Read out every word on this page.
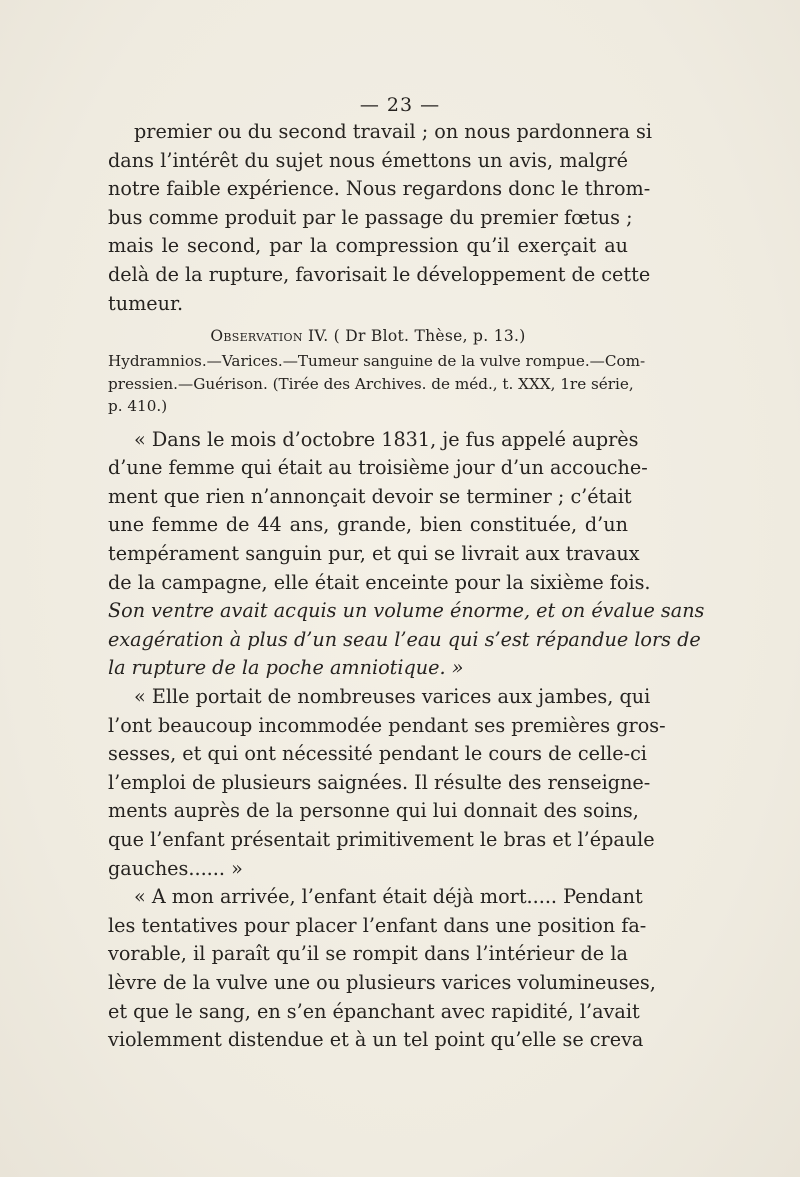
— 23 —
premier ou du second travail ; on nous pardonnera si
dans l’intérêt du sujet nous émettons un avis, malgré
notre faible expérience. Nous regardons donc le throm-
bus comme produit par le passage du premier fœtus ;
mais le second, par la compression qu’il exerçait au
delà de la rupture, favorisait le développement de cette
tumeur.
Observation IV. ( Dr Blot. Thèse, p. 13.)
Hydramnios.—Varices.—Tumeur sanguine de la vulve rompue.—Com-
pressien.—Guérison. (Tirée des Archives. de méd., t. XXX, 1re série,
p. 410.)
« Dans le mois d’octobre 1831, je fus appelé auprès
d’une femme qui était au troisième jour d’un accouche-
ment que rien n’annonçait devoir se terminer ; c’était
une femme de 44 ans, grande, bien constituée, d’un
tempérament sanguin pur, et qui se livrait aux travaux
de la campagne, elle était enceinte pour la sixième fois.
Son ventre avait acquis un volume énorme, et on évalue sans
exagération à plus d’un seau l’eau qui s’est répandue lors de
la rupture de la poche amniotique. »
« Elle portait de nombreuses varices aux jambes, qui
l’ont beaucoup incommodée pendant ses premières gros-
sesses, et qui ont nécessité pendant le cours de celle-ci
l’emploi de plusieurs saignées. Il résulte des renseigne-
ments auprès de la personne qui lui donnait des soins,
que l’enfant présentait primitivement le bras et l’épaule
gauches...... »
« A mon arrivée, l’enfant était déjà mort..... Pendant
les tentatives pour placer l’enfant dans une position fa-
vorable, il paraît qu’il se rompit dans l’intérieur de la
lèvre de la vulve une ou plusieurs varices volumineuses,
et que le sang, en s’en épanchant avec rapidité, l’avait
violemment distendue et à un tel point qu’elle se creva
